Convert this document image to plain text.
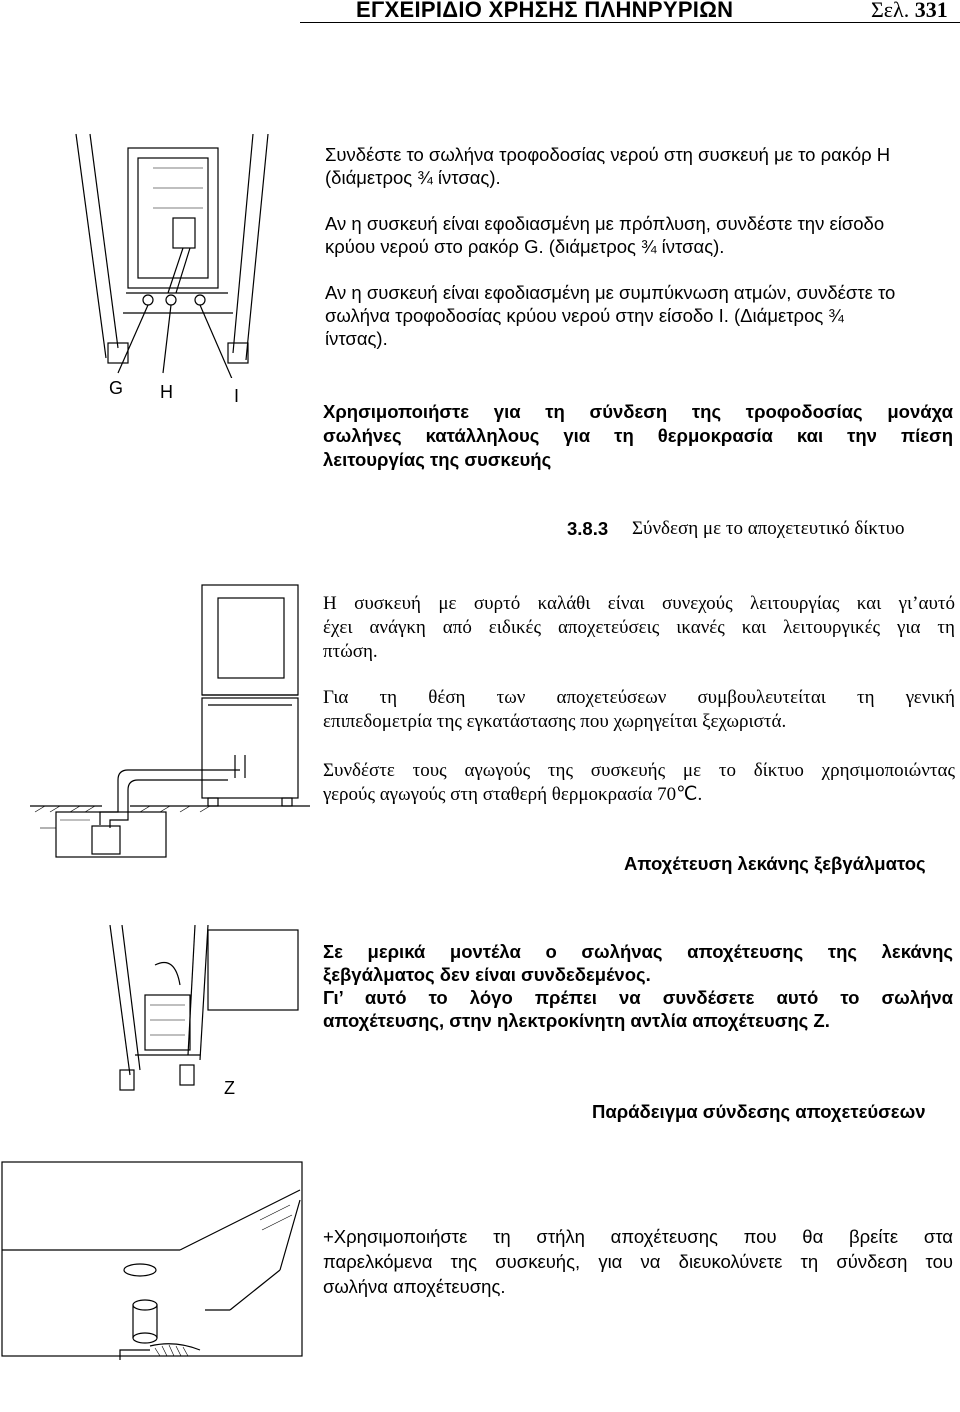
ΕΓΧΕΙΡΙΔΙΟ ΧΡΗΣΗΣ ΠΛΗΝΡΥΡΙΩΝ	Σελ. 331
G H	I
Συνδέστε το σωλήνα τροφοδοσίας νερού στη συσκευή με το ρακόρ Η
(διάμετρος ¾ ίντσας).
Αν η συσκευή είναι εφοδιασμένη με πρόπλυση, συνδέστε την είσοδο
κρύου νερού στο ρακόρ G. (διάμετρος ¾ ίντσας).
Αν η συσκευή είναι εφοδιασμένη με συμπύκνωση ατμών, συνδέστε το
σωλήνα τροφοδοσίας κρύου νερού στην είσοδο Ι. (Διάμετρος ¾
ίντσας).
Χρησιμοποιήστε για τη σύνδεση της τροφοδοσίας μονάχα
σωλήνες κατάλληλους για τη θερμοκρασία και την πίεση
λειτουργίας της συσκευής
3.8.3 Σύνδεση με το αποχετευτικό δίκτυο
Η συσκευή με συρτό καλάθι είναι συνεχούς λειτουργίας και γι’αυτό
έχει ανάγκη από ειδικές αποχετεύσεις ικανές και λειτουργικές για τη
πτώση.
Για τη θέση των αποχετεύσεων συμβουλευτείται τη γενική
επιπεδομετρία της εγκατάστασης που χωρηγείται ξεχωριστά.
Συνδέστε τους αγωγούς της συσκευής με το δίκτυο χρησιμοποιώντας
γερούς αγωγούς στη σταθερή θερμοκρασία 70℃.
Αποχέτευση λεκάνης ξεβγάλματος
Z
Σε μερικά μοντέλα ο σωλήνας αποχέτευσης της λεκάνης
ξεβγάλματος δεν είναι συνδεδεμένος.
Γι’ αυτό το λόγο πρέπει να συνδέσετε αυτό το σωλήνα
αποχέτευσης, στην ηλεκτροκίνητη αντλία αποχέτευσης Ζ.
Παράδειγμα σύνδεσης αποχετεύσεων
+Χρησιμοποιήστε τη στήλη αποχέτευσης που θα βρείτε στα
παρελκόμενα της συσκευής, για να διευκολύνετε τη σύνδεση του
σωλήνα αποχέτευσης.
